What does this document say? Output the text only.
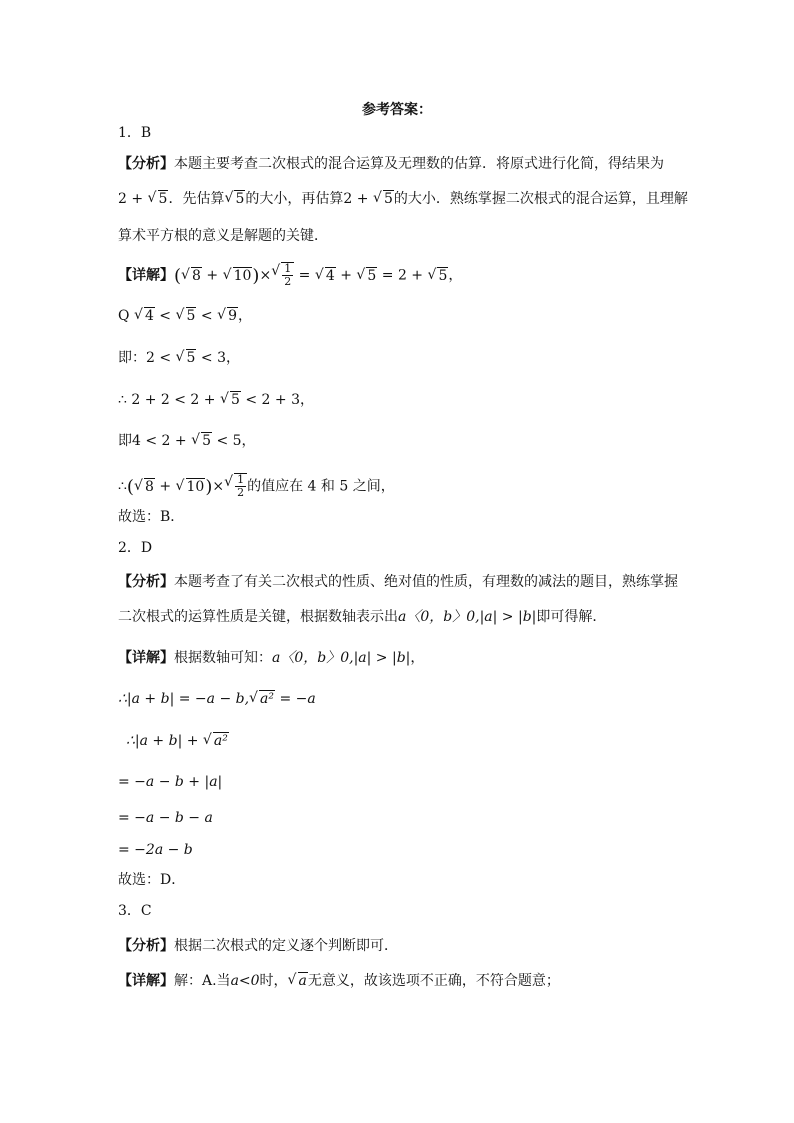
参考答案：
1．B
【分析】本题主要考查二次根式的混合运算及无理数的估算．将原式进行化简，得结果为
2 + √ 5．先估算 √ 5的大小，再估算2 + √ 5的大小．熟练掌握二次根式的混合运算，且理解
算术平方根的意义是解题的关键．
【详解】( √ 8 + √ 10)× √ $\frac{1}{2}$ = √ 4 + √ 5 = 2 + √ 5，
Q √ 4 < √ 5 < √ 9，
即：2 < √ 5 < 3，
∴ 2 + 2 < 2 + √ 5 < 2 + 3，
即4 < 2 + √ 5 < 5，
∴( √ 8 + √ 10)× √ $\frac{1}{2}$ 的值应在 4 和 5 之间，
故选：B．
2．D
【分析】本题考查了有关二次根式的性质、绝对值的性质，有理数的减法的题目，熟练掌握
二次根式的运算性质是关键，根据数轴表示出a〈0，b〉0,|a| > |b|即可得解．
【详解】根据数轴可知：a〈0，b〉0,|a| > |b|，
∴|a + b| = −a − b, √ a² = −a
∴|a + b| + √ a²
= −a − b + |a|
= −a − b − a
= −2a − b
故选：D．
3．C
【分析】根据二次根式的定义逐个判断即可．
【详解】解：A.当a<0时， √ a无意义，故该选项不正确，不符合题意；
